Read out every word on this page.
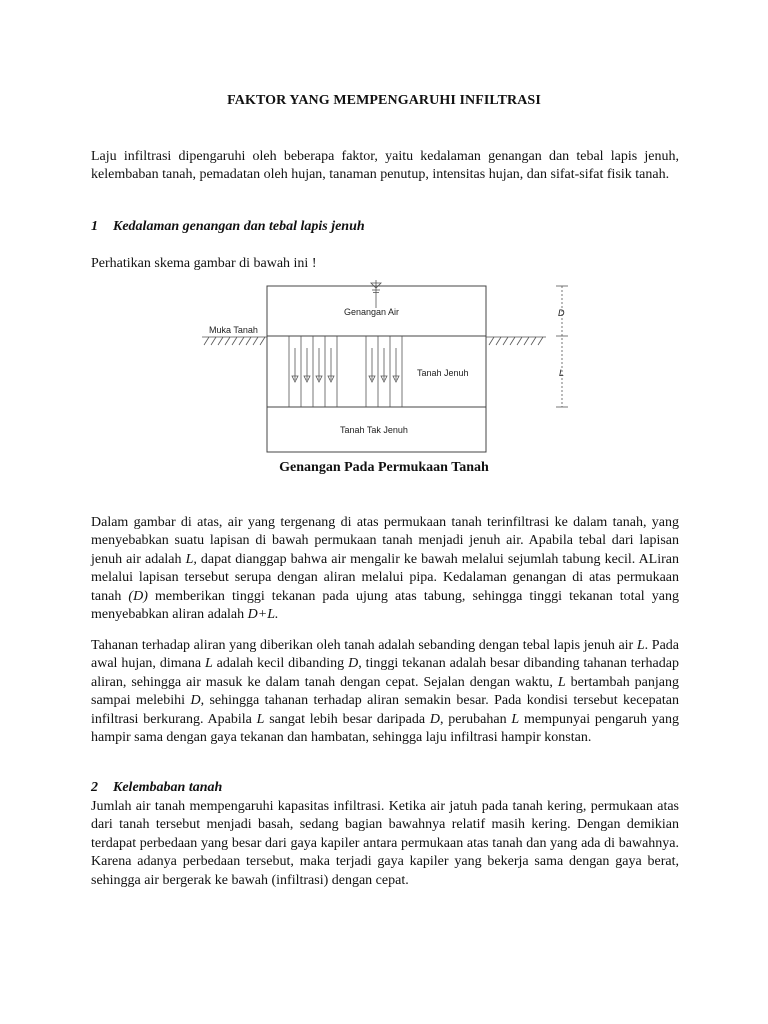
FAKTOR YANG MEMPENGARUHI INFILTRASI

Laju infiltrasi dipengaruhi oleh beberapa faktor, yaitu kedalaman genangan dan tebal lapis jenuh, kelembaban tanah, pemadatan oleh hujan, tanaman penutup, intensitas hujan, dan sifat-sifat fisik tanah.

1 Kedalaman genangan dan tebal lapis jenuh

Perhatikan skema gambar di bawah ini !

Genangan Air
Muka Tanah
Tanah Jenuh
Tanah Tak Jenuh
D
L
Genangan Pada Permukaan Tanah

Dalam gambar di atas, air yang tergenang di atas permukaan tanah terinfiltrasi ke dalam tanah, yang menyebabkan suatu lapisan di bawah permukaan tanah menjadi jenuh air. Apabila tebal dari lapisan jenuh air adalah L, dapat dianggap bahwa air mengalir ke bawah melalui sejumlah tabung kecil. ALiran melalui lapisan tersebut serupa dengan aliran melalui pipa. Kedalaman genangan di atas permukaan tanah (D) memberikan tinggi tekanan pada ujung atas tabung, sehingga tinggi tekanan total yang menyebabkan aliran adalah D+L.

Tahanan terhadap aliran yang diberikan oleh tanah adalah sebanding dengan tebal lapis jenuh air L. Pada awal hujan, dimana L adalah kecil dibanding D, tinggi tekanan adalah besar dibanding tahanan terhadap aliran, sehingga air masuk ke dalam tanah dengan cepat. Sejalan dengan waktu, L bertambah panjang sampai melebihi D, sehingga tahanan terhadap aliran semakin besar. Pada kondisi tersebut kecepatan infiltrasi berkurang. Apabila L sangat lebih besar daripada D, perubahan L mempunyai pengaruh yang hampir sama dengan gaya tekanan dan hambatan, sehingga laju infiltrasi hampir konstan.

2 Kelembaban tanah

Jumlah air tanah mempengaruhi kapasitas infiltrasi. Ketika air jatuh pada tanah kering, permukaan atas dari tanah tersebut menjadi basah, sedang bagian bawahnya relatif masih kering. Dengan demikian terdapat perbedaan yang besar dari gaya kapiler antara permukaan atas tanah dan yang ada di bawahnya. Karena adanya perbedaan tersebut, maka terjadi gaya kapiler yang bekerja sama dengan gaya berat, sehingga air bergerak ke bawah (infiltrasi) dengan cepat.
